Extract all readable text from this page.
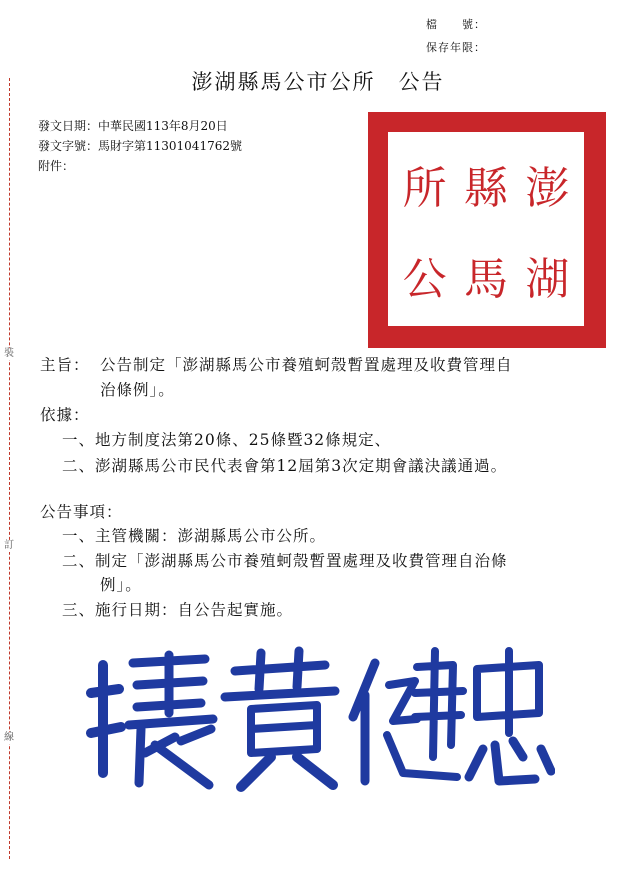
裝
訂
線
檔　　號：
保存年限：
澎湖縣馬公市公所　公告
發文日期：中華民國113年8月20日
發文字號：馬財字第11301041762號
附件：	所 縣 澎
公 馬 湖
主旨： 公告制定「澎湖縣馬公市養殖蚵殼暫置處理及收費管理自
治條例」。
依據：
一、地方制度法第20條、25條暨32條規定、
二、澎湖縣馬公市民代表會第12屆第3次定期會議決議通過。
公告事項：
一、主管機關：澎湖縣馬公市公所。
二、制定「澎湖縣馬公市養殖蚵殼暫置處理及收費管理自治條
例」。
三、施行日期：自公告起實施。
